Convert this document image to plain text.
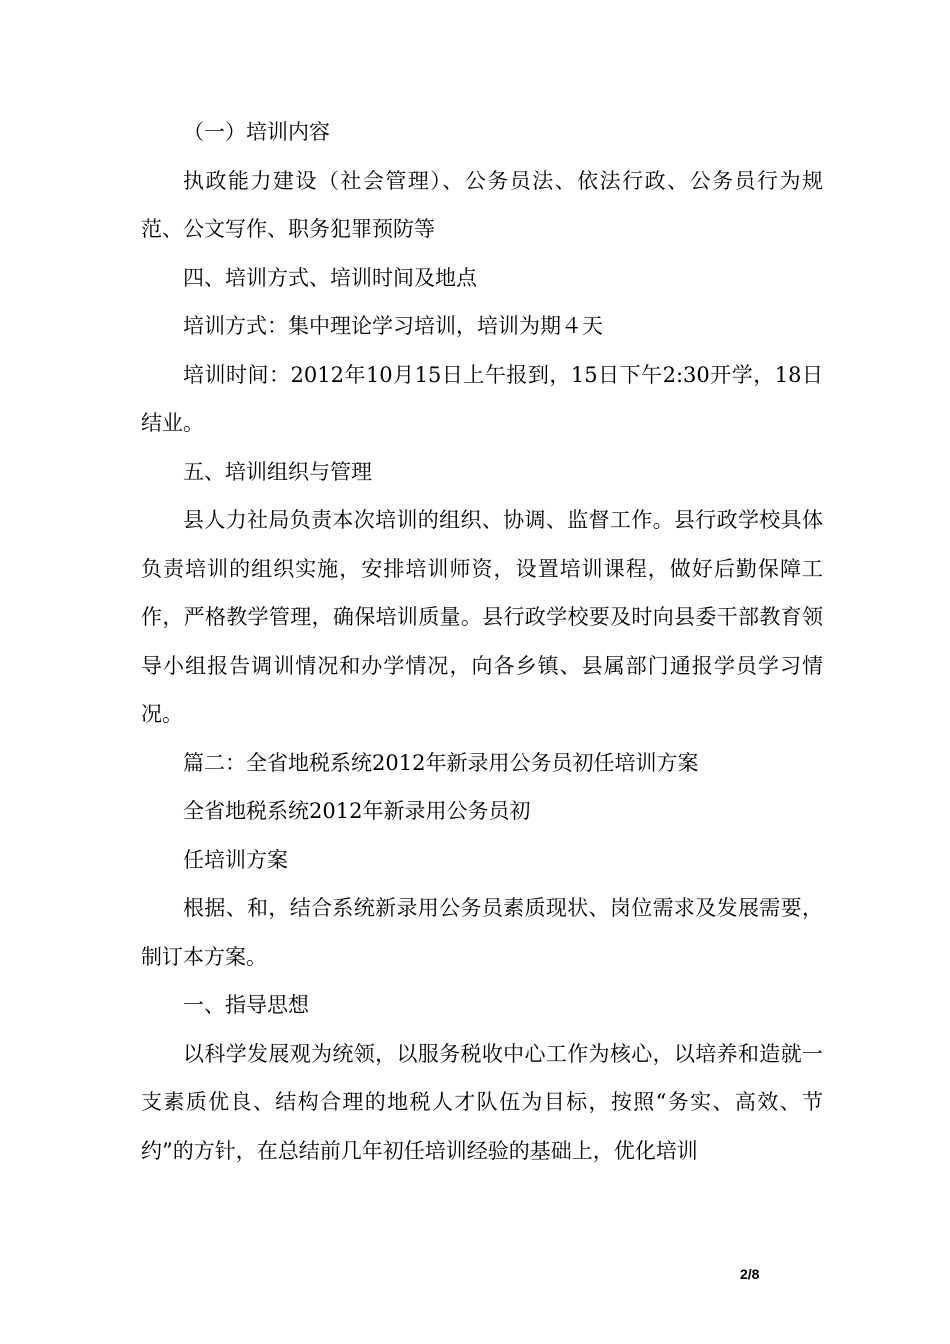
（一）培训内容

执政能力建设（社会管理）、公务员法、依法行政、公务员行为规范、公文写作、职务犯罪预防等

四、培训方式、培训时间及地点

培训方式：集中理论学习培训，培训为期４天

培训时间：2012年10月15日上午报到，15日下午2:30开学，18日结业。

五、培训组织与管理

县人力社局负责本次培训的组织、协调、监督工作。县行政学校具体负责培训的组织实施，安排培训师资，设置培训课程，做好后勤保障工作，严格教学管理，确保培训质量。县行政学校要及时向县委干部教育领导小组报告调训情况和办学情况，向各乡镇、县属部门通报学员学习情况。

篇二：全省地税系统2012年新录用公务员初任培训方案

全省地税系统2012年新录用公务员初

任培训方案

根据、和，结合系统新录用公务员素质现状、岗位需求及发展需要，制订本方案。

一、指导思想

以科学发展观为统领，以服务税收中心工作为核心，以培养和造就一支素质优良、结构合理的地税人才队伍为目标，按照“务实、高效、节约”的方针，在总结前几年初任培训经验的基础上，优化培训

2/8
